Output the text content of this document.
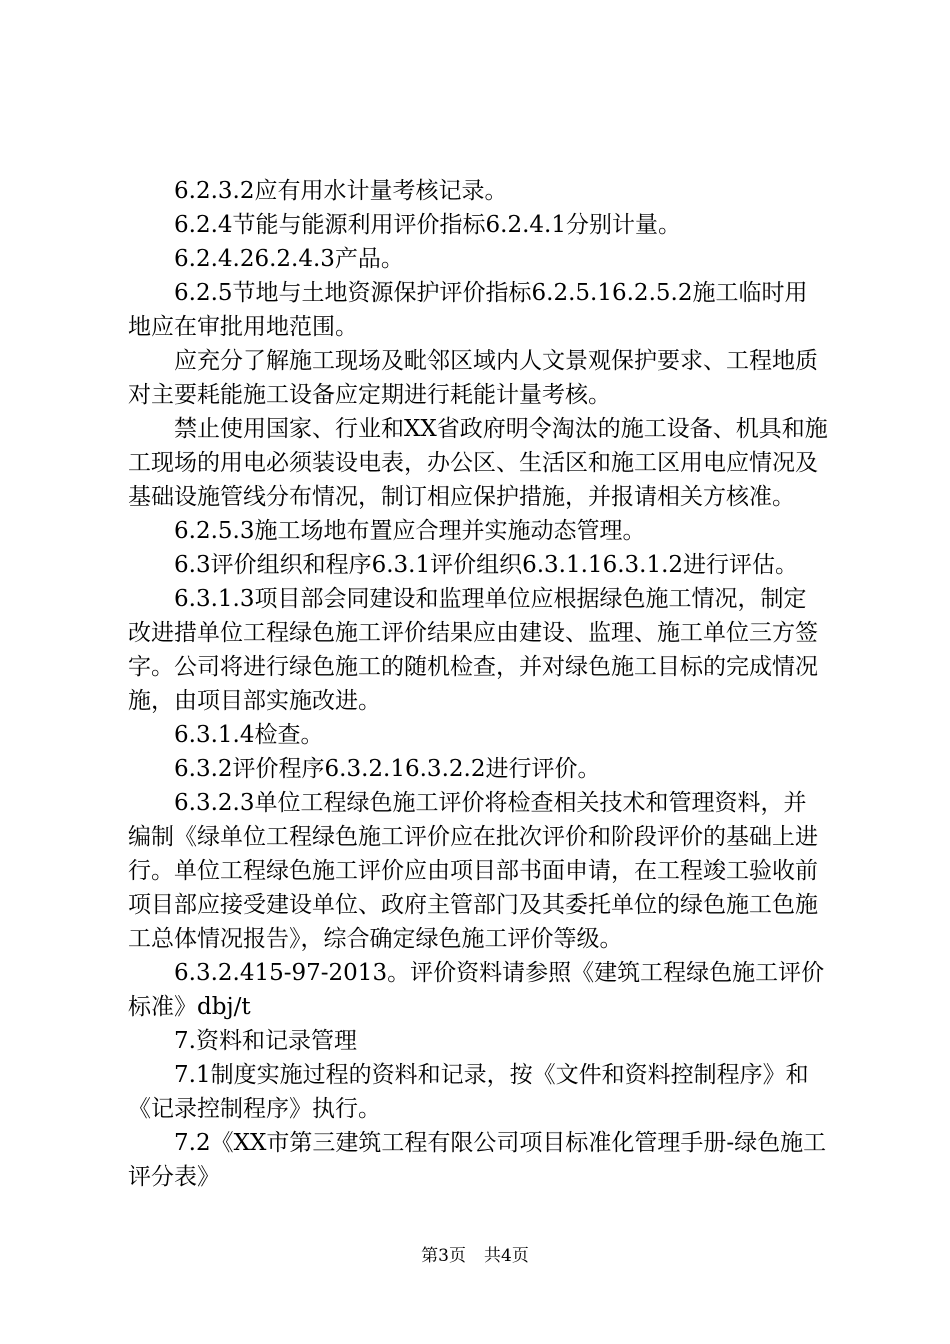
6.2.3.2应有用水计量考核记录。

6.2.4节能与能源利用评价指标6.2.4.1分别计量。

6.2.4.26.2.4.3产品。

6.2.5节地与土地资源保护评价指标6.2.5.16.2.5.2施工临时用地应在审批用地范围。

应充分了解施工现场及毗邻区域内人文景观保护要求、工程地质对主要耗能施工设备应定期进行耗能计量考核。

禁止使用国家、行业和XX省政府明令淘汰的施工设备、机具和施工现场的用电必须装设电表，办公区、生活区和施工区用电应情况及基础设施管线分布情况，制订相应保护措施，并报请相关方核准。

6.2.5.3施工场地布置应合理并实施动态管理。

6.3评价组织和程序6.3.1评价组织6.3.1.16.3.1.2进行评估。

6.3.1.3项目部会同建设和监理单位应根据绿色施工情况，制定改进措单位工程绿色施工评价结果应由建设、监理、施工单位三方签字。公司将进行绿色施工的随机检查，并对绿色施工目标的完成情况施，由项目部实施改进。

6.3.1.4检查。

6.3.2评价程序6.3.2.16.3.2.2进行评价。

6.3.2.3单位工程绿色施工评价将检查相关技术和管理资料，并编制《绿单位工程绿色施工评价应在批次评价和阶段评价的基础上进行。单位工程绿色施工评价应由项目部书面申请，在工程竣工验收前项目部应接受建设单位、政府主管部门及其委托单位的绿色施工色施工总体情况报告》，综合确定绿色施工评价等级。

6.3.2.415-97-2013。评价资料请参照《建筑工程绿色施工评价标准》dbj/t

7.资料和记录管理

7.1制度实施过程的资料和记录，按《文件和资料控制程序》和《记录控制程序》执行。

7.2《XX市第三建筑工程有限公司项目标准化管理手册-绿色施工评分表》

第3页 共4页
